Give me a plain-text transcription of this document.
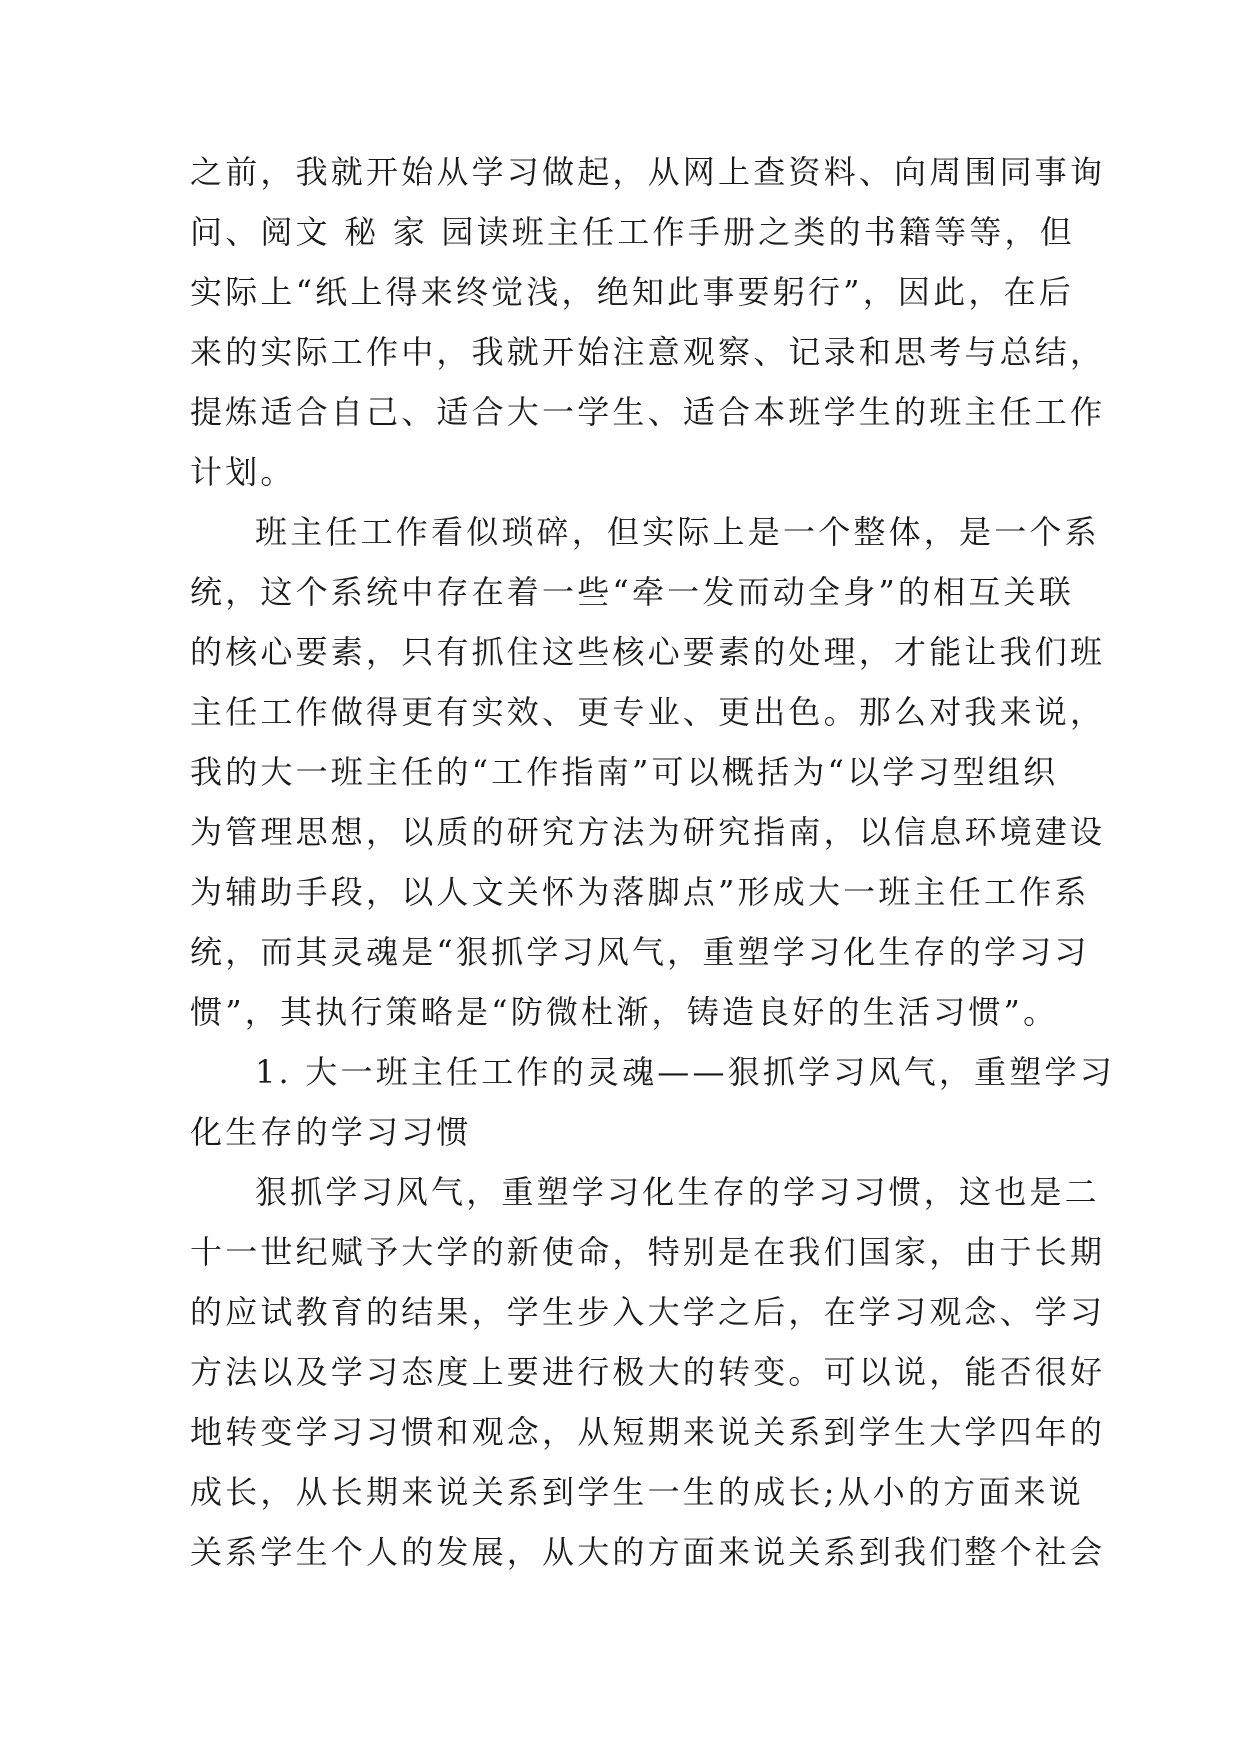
之前，我就开始从学习做起，从网上查资料、向周围同事询

问、阅文 秘 家 园读班主任工作手册之类的书籍等等，但

实际上“纸上得来终觉浅，绝知此事要躬行”，因此，在后

来的实际工作中，我就开始注意观察、记录和思考与总结，

提炼适合自己、适合大一学生、适合本班学生的班主任工作

计划。

班主任工作看似琐碎，但实际上是一个整体，是一个系

统，这个系统中存在着一些“牵一发而动全身”的相互关联

的核心要素，只有抓住这些核心要素的处理，才能让我们班

主任工作做得更有实效、更专业、更出色。那么对我来说，

我的大一班主任的“工作指南”可以概括为“以学习型组织

为管理思想，以质的研究方法为研究指南，以信息环境建设

为辅助手段，以人文关怀为落脚点”形成大一班主任工作系

统，而其灵魂是“狠抓学习风气，重塑学习化生存的学习习

惯”，其执行策略是“防微杜渐，铸造良好的生活习惯”。

1. 大一班主任工作的灵魂——狠抓学习风气，重塑学习

化生存的学习习惯

狠抓学习风气，重塑学习化生存的学习习惯，这也是二

十一世纪赋予大学的新使命，特别是在我们国家，由于长期

的应试教育的结果，学生步入大学之后，在学习观念、学习

方法以及学习态度上要进行极大的转变。可以说，能否很好

地转变学习习惯和观念，从短期来说关系到学生大学四年的

成长，从长期来说关系到学生一生的成长;从小的方面来说

关系学生个人的发展，从大的方面来说关系到我们整个社会
